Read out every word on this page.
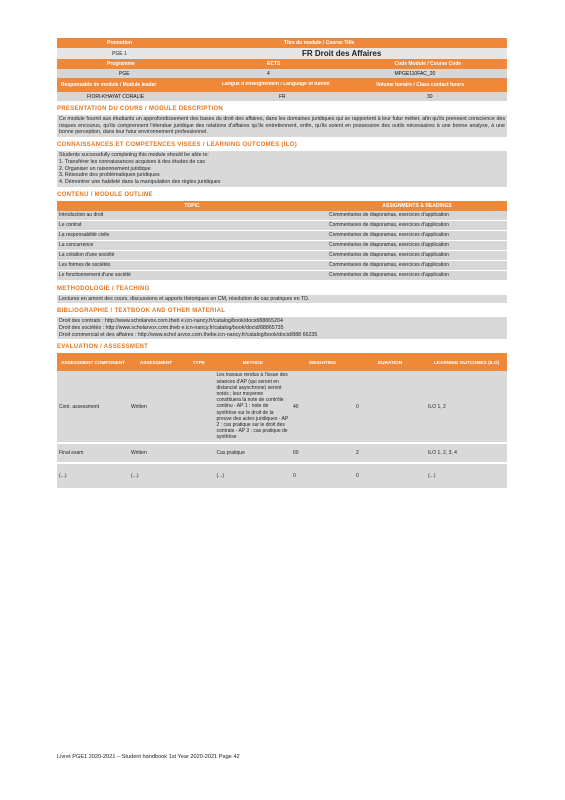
Promotion	Titre du module / Course Title
PGE 1	FR Droit des Affaires
Programme	ECTS	Code Module / Course Code
PGE	4	MPGE110FAC_20
Responsable de module / Module leader	Langue d'enseignement / Language of tuition	Volume horaire / Class contact hours
FIORI-KHAYAT CORALIE	FR	30
PRESENTATION DU COURS / MODULE DESCRIPTION
Ce module fournit aux étudiants un approfondissement des bases du droit des affaires, dans les domaines juridiques qui se rapportent à leur futur métier, afin qu'ils prennent conscience des risques encourus, qu'ils comprennent l'étendue juridique des relations d'affaires qu'ils entretiennent, enfin, qu'ils soient en possession des outils nécessaires à une bonne analyse, à une bonne perception, dans leur futur environnement professionnel.
CONNAISSANCES ET COMPETENCES VISEES / LEARNING OUTCOMES (ILO)
Students successfully completing this module should be able to:
1. Transférer les connaissances acquises à des études de cas
2. Organiser un raisonnement juridique
3. Résoudre des problématiques juridiques
4. Démontrer une habileté dans la manipulation des règles juridiques
CONTENU / MODULE OUTLINE
TOPIC	ASSIGNMENTS & READINGS
Introduction au droit	Commentaires de diaporamas, exercices d'application
Le contrat	Commentaires de diaporamas, exercices d'application
La responsabilité civile	Commentaires de diaporamas, exercices d'application
La concurrence	Commentaires de diaporamas, exercices d'application
La création d'une société	Commentaires de diaporamas, exercices d'application
Les formes de sociétés	Commentaires de diaporamas, exercices d'application
Le fonctionnement d'une société	Commentaires de diaporamas, exercices d'application
METHODOLOGIE / TEACHING
Lectures en amont des cours, discussions et apports théoriques en CM, résolution de cas pratiques en TD.
BIBLIOGRAPHIE / TEXTBOOK AND OTHER MATERIAL
Droit des contrats : http://www.scholarvox.com.theb e.icn-nancy.fr/catalog/book/docid/88865204
Droit des sociétés : http://www.scholarvox.com.theb e.icn-nancy.fr/catalog/book/docid/88865735
Droit commercial et des affaires : http://www.schol arvox.com.thebe.icn-nancy.fr/catalog/book/docid/888 66235
EVALUATION / ASSESSMENT
ASSESSMENT COMPONENT	ASSESSMENT	TYPE	METHOD	WEIGHTING	DURATION	LEARNING OUTCOMES (ILO)
Cont. assessment	Written		Les travaux rendus à l'issue des séances d'AP (qui seront en distanciel asynchrone) seront notés ; leur moyenne constituera la note de contrôle continu - AP 1 : note de synthèse sur le droit de la preuve des actes juridiques - AP 2 : cas pratique sur le droit des contrats - AP 3 : cas pratique de synthèse	40	0	ILO 1, 2
Final exam	Written		Cas pratique	60	2	ILO 1, 2, 3, 4
(...)	(...)		(...)	0	0	(...)
Livret PGE1 2020-2021 – Student handbook 1st Year 2020-2021 Page 42
